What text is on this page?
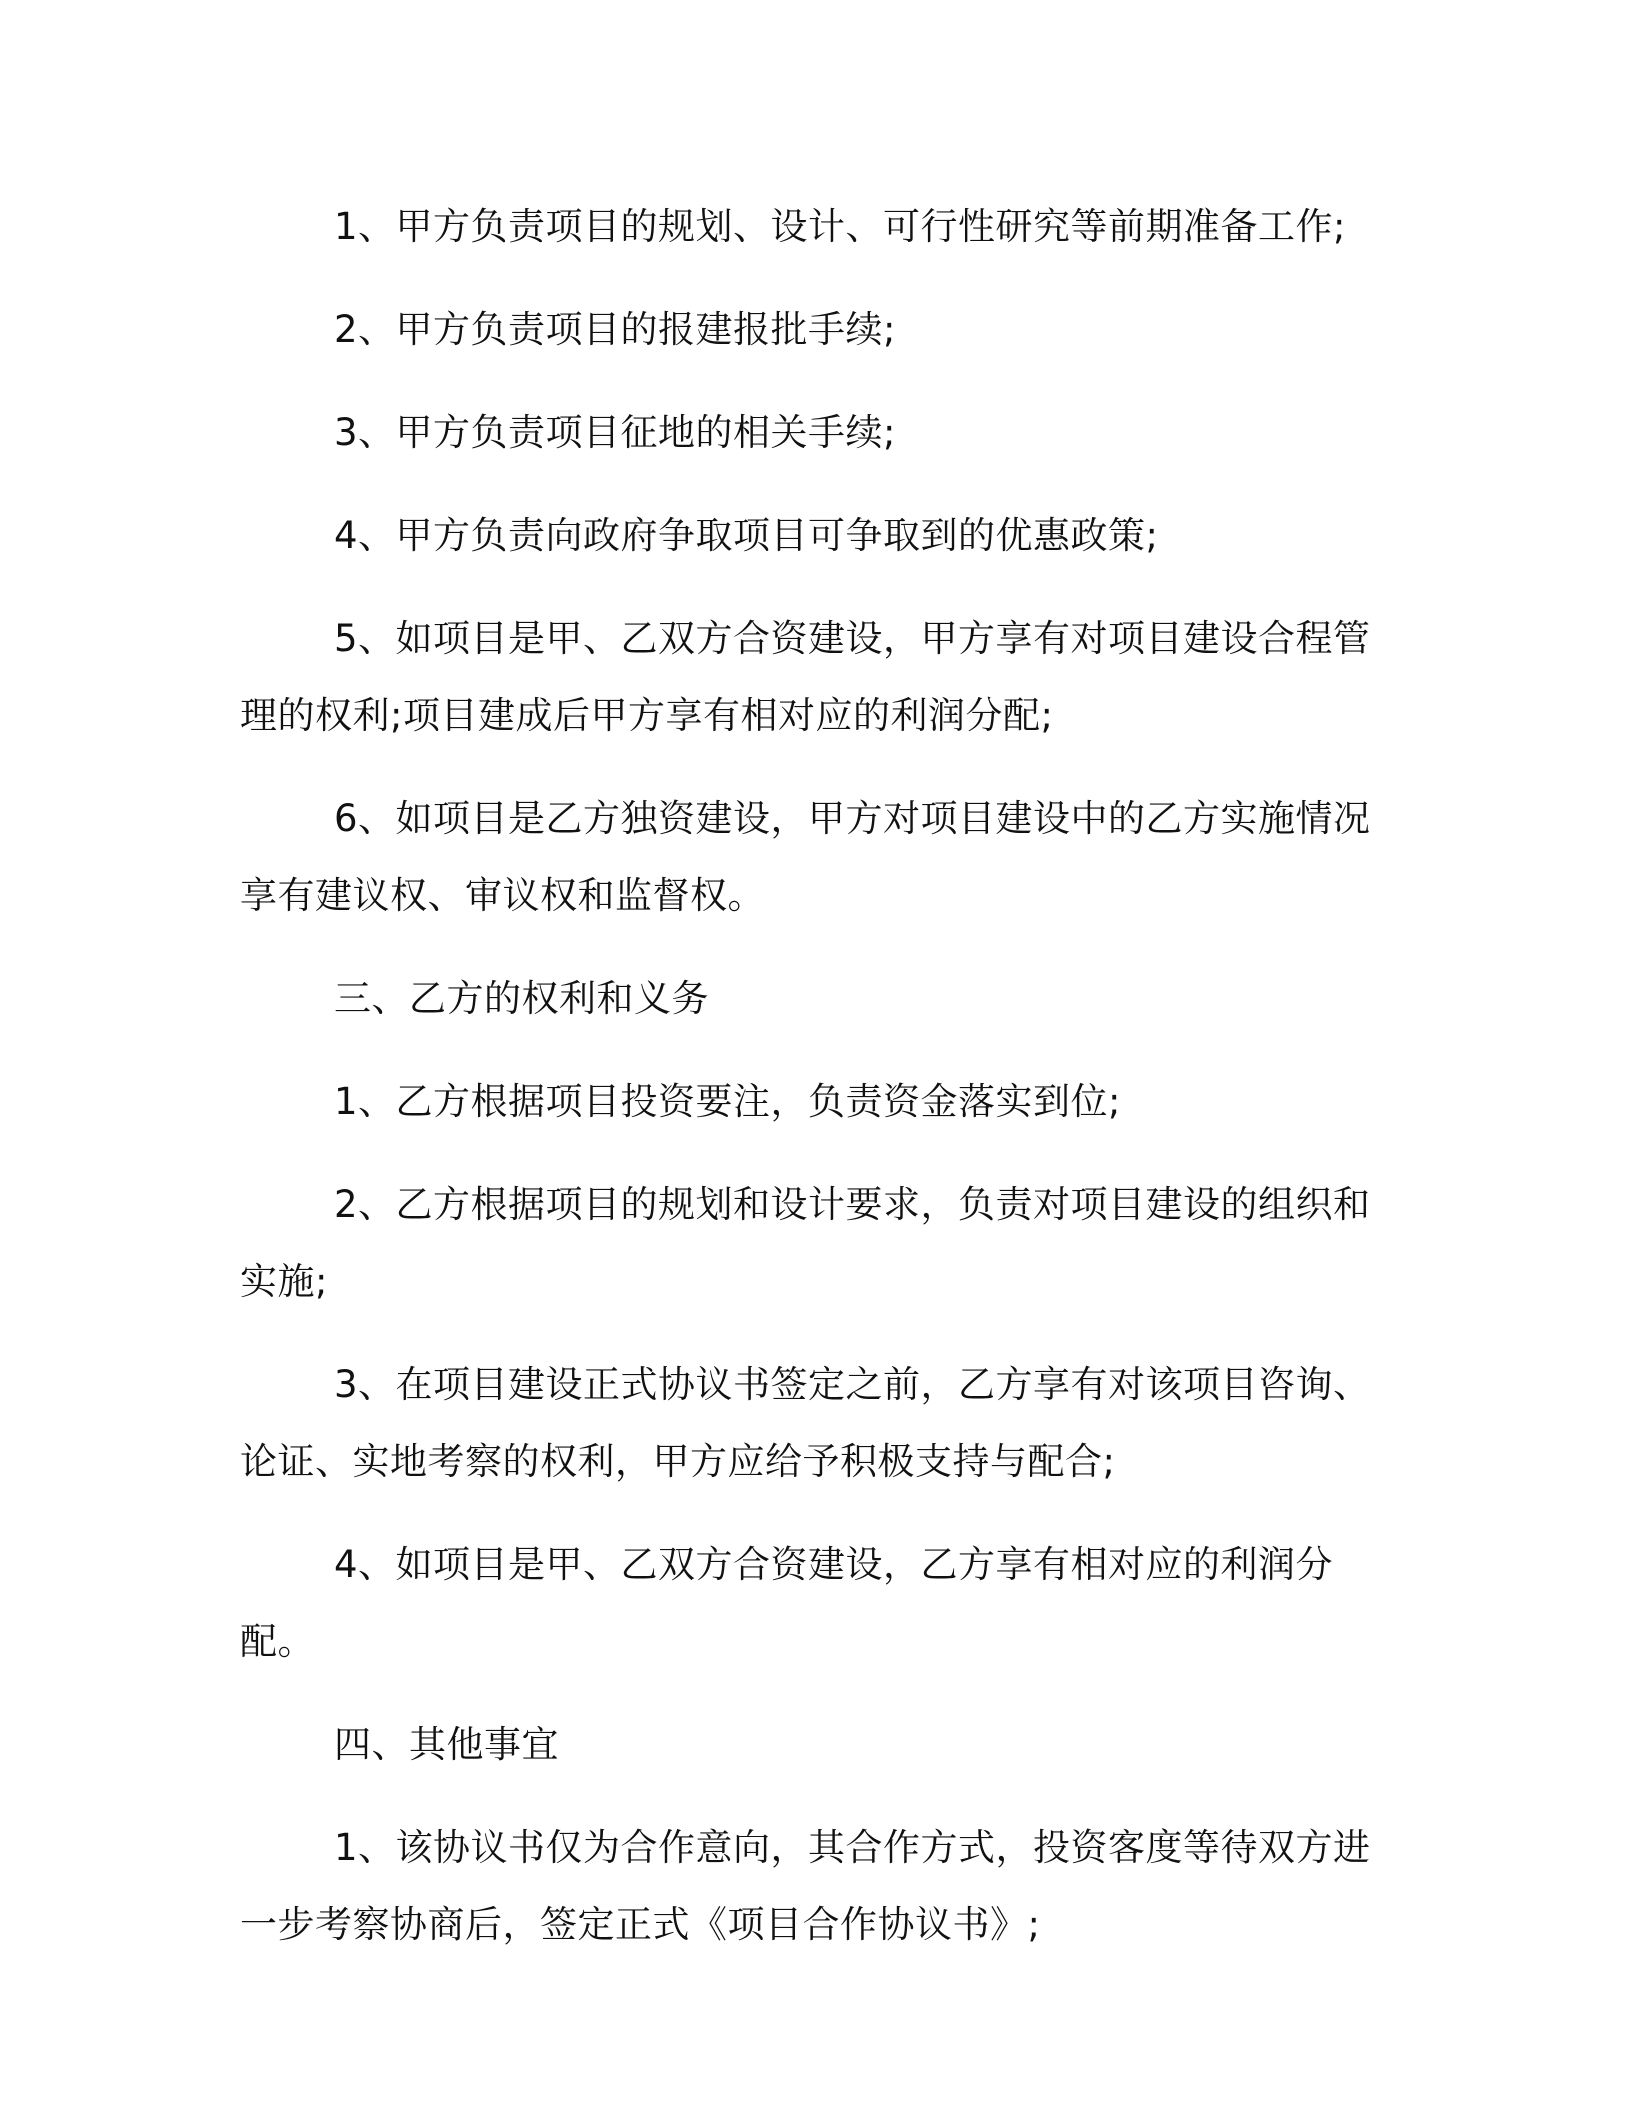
1、甲方负责项目的规划、设计、可行性研究等前期准备工作;

2、甲方负责项目的报建报批手续;

3、甲方负责项目征地的相关手续;

4、甲方负责向政府争取项目可争取到的优惠政策;

5、如项目是甲、乙双方合资建设，甲方享有对项目建设合程管理的权利;项目建成后甲方享有相对应的利润分配;

6、如项目是乙方独资建设，甲方对项目建设中的乙方实施情况享有建议权、审议权和监督权。

三、乙方的权利和义务

1、乙方根据项目投资要注，负责资金落实到位;

2、乙方根据项目的规划和设计要求，负责对项目建设的组织和实施;

3、在项目建设正式协议书签定之前，乙方享有对该项目咨询、论证、实地考察的权利，甲方应给予积极支持与配合;

4、如项目是甲、乙双方合资建设，乙方享有相对应的利润分配。

四、其他事宜

1、该协议书仅为合作意向，其合作方式，投资客度等待双方进一步考察协商后，签定正式《项目合作协议书》;
